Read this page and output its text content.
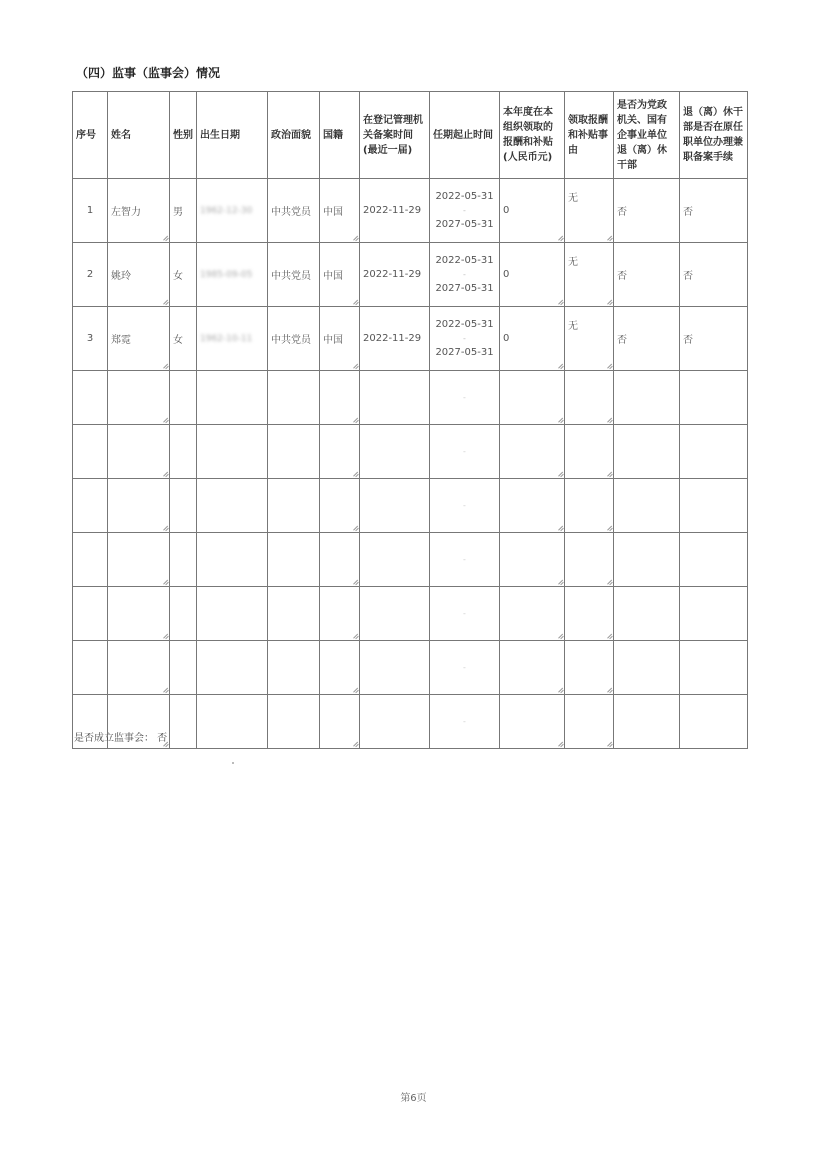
（四）监事（监事会）情况
序号	姓名	性别	出生日期	政治面貌	国籍	在登记管理机关备案时间(最近一届)	任期起止时间	本年度在本组织领取的报酬和补贴(人民币元)	领取报酬和补贴事由	是否为党政机关、国有企事业单位退（离）休干部	退（离）休干部是否在原任职单位办理兼职备案手续
1	左智力	男	1962-12-30	中共党员	中国	2022-11-29	2022-05-31
-
2027-05-31	0	无	否	否
2	姚玲	女	1985-09-05	中共党员	中国	2022-11-29	2022-05-31
-
2027-05-31	0	无	否	否
3	郑霓	女	1962-10-11	中共党员	中国	2022-11-29	2022-05-31
-
2027-05-31	0	无	否	否

							-				

							-				

							-				

							-				

							-				

							-				

							-				

是否成立监事会： 否
第6页
